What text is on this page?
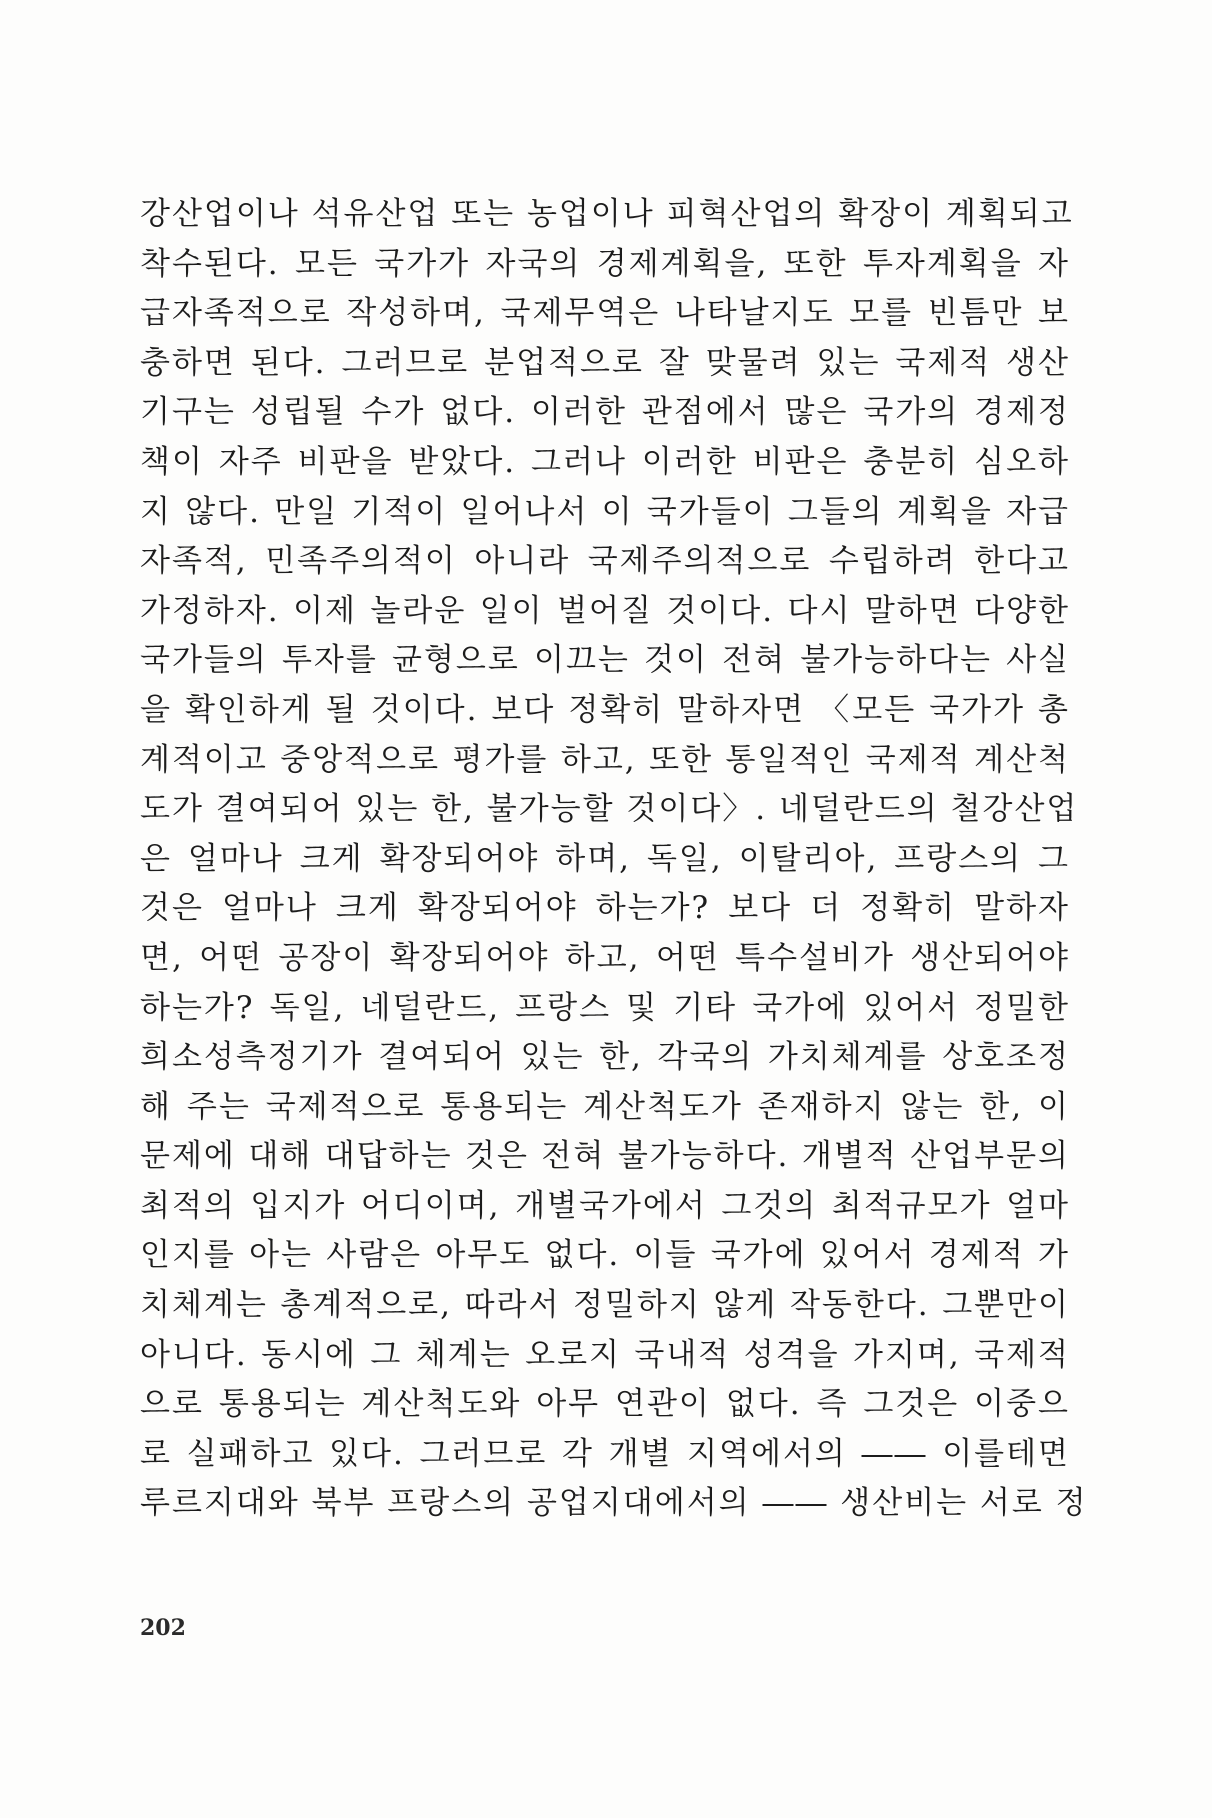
강산업이나 석유산업 또는 농업이나 피혁산업의 확장이 계획되고
착수된다. 모든 국가가 자국의 경제계획을, 또한 투자계획을 자
급자족적으로 작성하며, 국제무역은 나타날지도 모를 빈틈만 보
충하면 된다. 그러므로 분업적으로 잘 맞물려 있는 국제적 생산
기구는 성립될 수가 없다. 이러한 관점에서 많은 국가의 경제정
책이 자주 비판을 받았다. 그러나 이러한 비판은 충분히 심오하
지 않다. 만일 기적이 일어나서 이 국가들이 그들의 계획을 자급
자족적, 민족주의적이 아니라 국제주의적으로 수립하려 한다고
가정하자. 이제 놀라운 일이 벌어질 것이다. 다시 말하면 다양한
국가들의 투자를 균형으로 이끄는 것이 전혀 불가능하다는 사실
을 확인하게 될 것이다. 보다 정확히 말하자면 〈모든 국가가 총
계적이고 중앙적으로 평가를 하고, 또한 통일적인 국제적 계산척
도가 결여되어 있는 한, 불가능할 것이다〉. 네덜란드의 철강산업
은 얼마나 크게 확장되어야 하며, 독일, 이탈리아, 프랑스의 그
것은 얼마나 크게 확장되어야 하는가? 보다 더 정확히 말하자
면, 어떤 공장이 확장되어야 하고, 어떤 특수설비가 생산되어야
하는가? 독일, 네덜란드, 프랑스 및 기타 국가에 있어서 정밀한
희소성측정기가 결여되어 있는 한, 각국의 가치체계를 상호조정
해 주는 국제적으로 통용되는 계산척도가 존재하지 않는 한, 이
문제에 대해 대답하는 것은 전혀 불가능하다. 개별적 산업부문의
최적의 입지가 어디이며, 개별국가에서 그것의 최적규모가 얼마
인지를 아는 사람은 아무도 없다. 이들 국가에 있어서 경제적 가
치체계는 총계적으로, 따라서 정밀하지 않게 작동한다. 그뿐만이
아니다. 동시에 그 체계는 오로지 국내적 성격을 가지며, 국제적
으로 통용되는 계산척도와 아무 연관이 없다. 즉 그것은 이중으
로 실패하고 있다. 그러므로 각 개별 지역에서의 ―― 이를테면
루르지대와 북부 프랑스의 공업지대에서의 ―― 생산비는 서로 정
202
